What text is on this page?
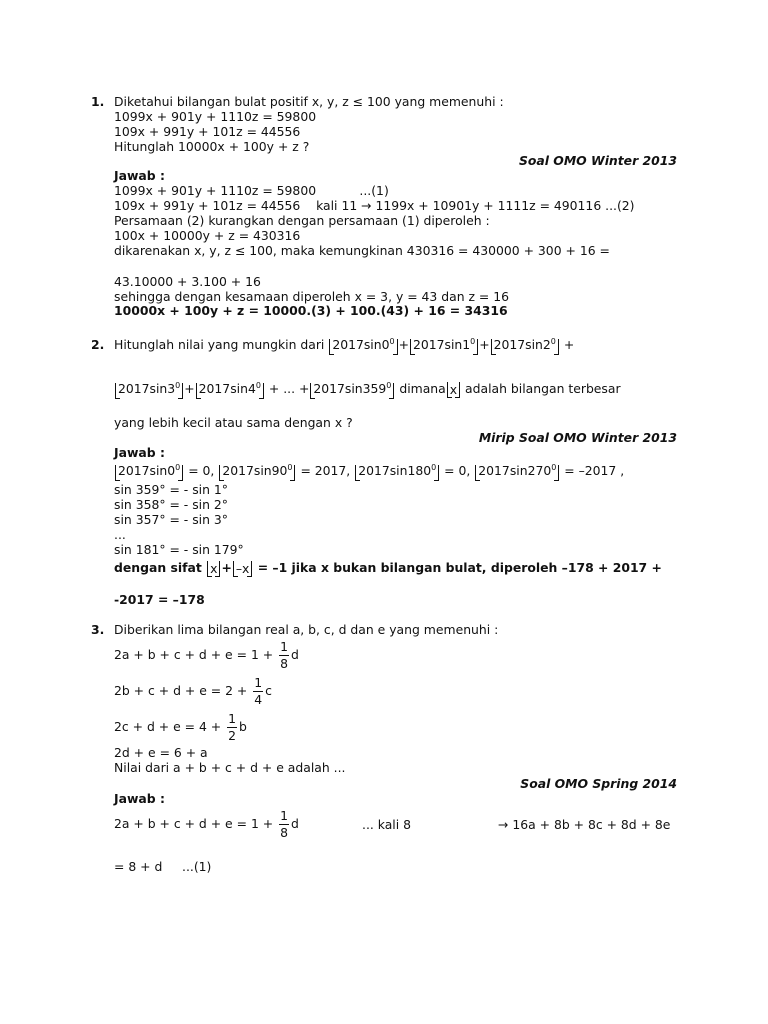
1. Diketahui bilangan bulat positif x, y, z ≤ 100 yang memenuhi :
1099x + 901y + 1110z = 59800
109x + 991y + 101z = 44556
Hitunglah 10000x + 100y + z ?
Soal OMO Winter 2013
Jawab :
1099x + 901y + 1110z = 59800           ...(1)
109x + 991y + 101z = 44556    kali 11 → 1199x + 10901y + 1111z = 490116 ...(2)
Persamaan (2) kurangkan dengan persamaan (1) diperoleh :
100x + 10000y + z = 430316
dikarenakan x, y, z ≤ 100, maka kemungkinan 430316 = 430000 + 300 + 16 =
43.10000 + 3.100 + 16
sehingga dengan kesamaan diperoleh x = 3, y = 43 dan z = 16
10000x + 100y + z = 10000.(3) + 100.(43) + 16 = 34316
2. Hitunglah nilai yang mungkin dari $2017\sin 0^0 + 2017\sin 1^0 + 2017\sin 2^0$ +
$2017\sin 3^0 + 2017\sin 4^0$ + ... + $2017\sin 359^0$ dimana x adalah bilangan terbesar
yang lebih kecil atau sama dengan x ?
Mirip Soal OMO Winter 2013
Jawab :
$2017\sin 0^0 = 0$, $2017\sin 90^0 = 2017$, $2017\sin 180^0 = 0$, $2017\sin 270^0 = -2017$ ,
sin 359° = - sin 1°
sin 358° = - sin 2°
sin 357° = - sin 3°
...
sin 181° = - sin 179°
dengan sifat x + –x = –1 jika x bukan bilangan bulat, diperoleh –178 + 2017 +
-2017 = –178
3. Diberikan lima bilangan real a, b, c, d dan e yang memenuhi :
$2a + b + c + d + e = 1 + \frac{1}{8}$ d
$2b + c + d + e = 2 + \frac{1}{4}$ c
$2c + d + e = 4 + \frac{1}{2}$ b
2d + e = 6 + a
Nilai dari a + b + c + d + e adalah ...
Soal OMO Spring 2014
Jawab :
$2a + b + c + d + e = 1 + \frac{1}{8}$ d	... kali 8	→ 16a + 8b + 8c + 8d + 8e
= 8 + d     ...(1)
